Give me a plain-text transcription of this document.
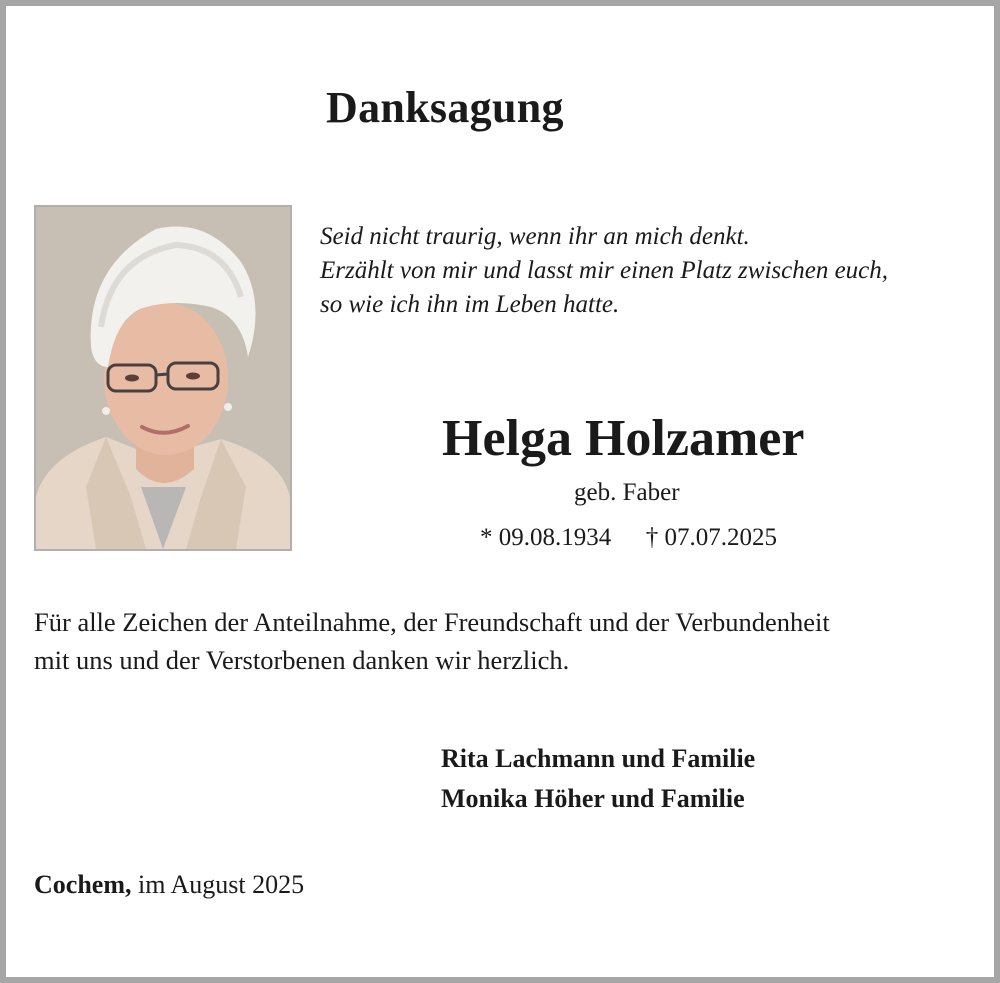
Danksagung
Seid nicht traurig, wenn ihr an mich denkt.
Erzählt von mir und lasst mir einen Platz zwischen euch,
so wie ich ihn im Leben hatte.
Helga Holzamer
geb. Faber
* 09.08.1934 † 07.07.2025
Für alle Zeichen der Anteilnahme, der Freundschaft und der Verbundenheit
mit uns und der Verstorbenen danken wir herzlich.
Rita Lachmann und Familie
Monika Höher und Familie
Cochem, im August 2025
